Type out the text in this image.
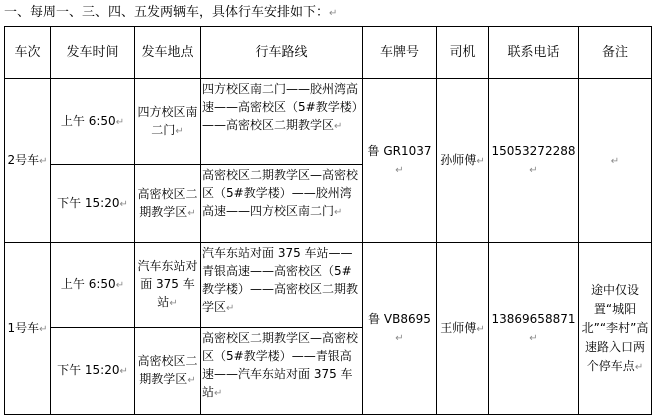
一、每周一、三、四、五发两辆车，具体行车安排如下：↵
车次	发车时间	发车地点	行车路线	车牌号	司机	联系电话	备注
2号车↵	上午 6:50↵	四方校区南二门↵	四方校区南二门——胶州湾高速——高密校区（5#教学楼）——高密校区二期教学区↵	鲁 GR1037↵	孙师傅↵	15053272288↵	↵
	下午 15:20↵	高密校区二期教学区↵	高密校区二期教学区—高密校区（5#教学楼）——胶州湾高速——四方校区南二门↵				
1号车↵	上午 6:50↵	汽车东站对面 375 车站↵	汽车东站对面 375 车站——青银高速——高密校区（5#教学楼）——高密校区二期教学区↵	鲁 VB8695↵	王师傅↵	13869658871↵	途中仅设置“城阳北”“李村”高速路入口两个停车点↵
	下午 15:20↵	高密校区二期教学区↵	高密校区二期教学区—高密校区（5#教学楼）——青银高速——汽车东站对面 375 车站↵				
